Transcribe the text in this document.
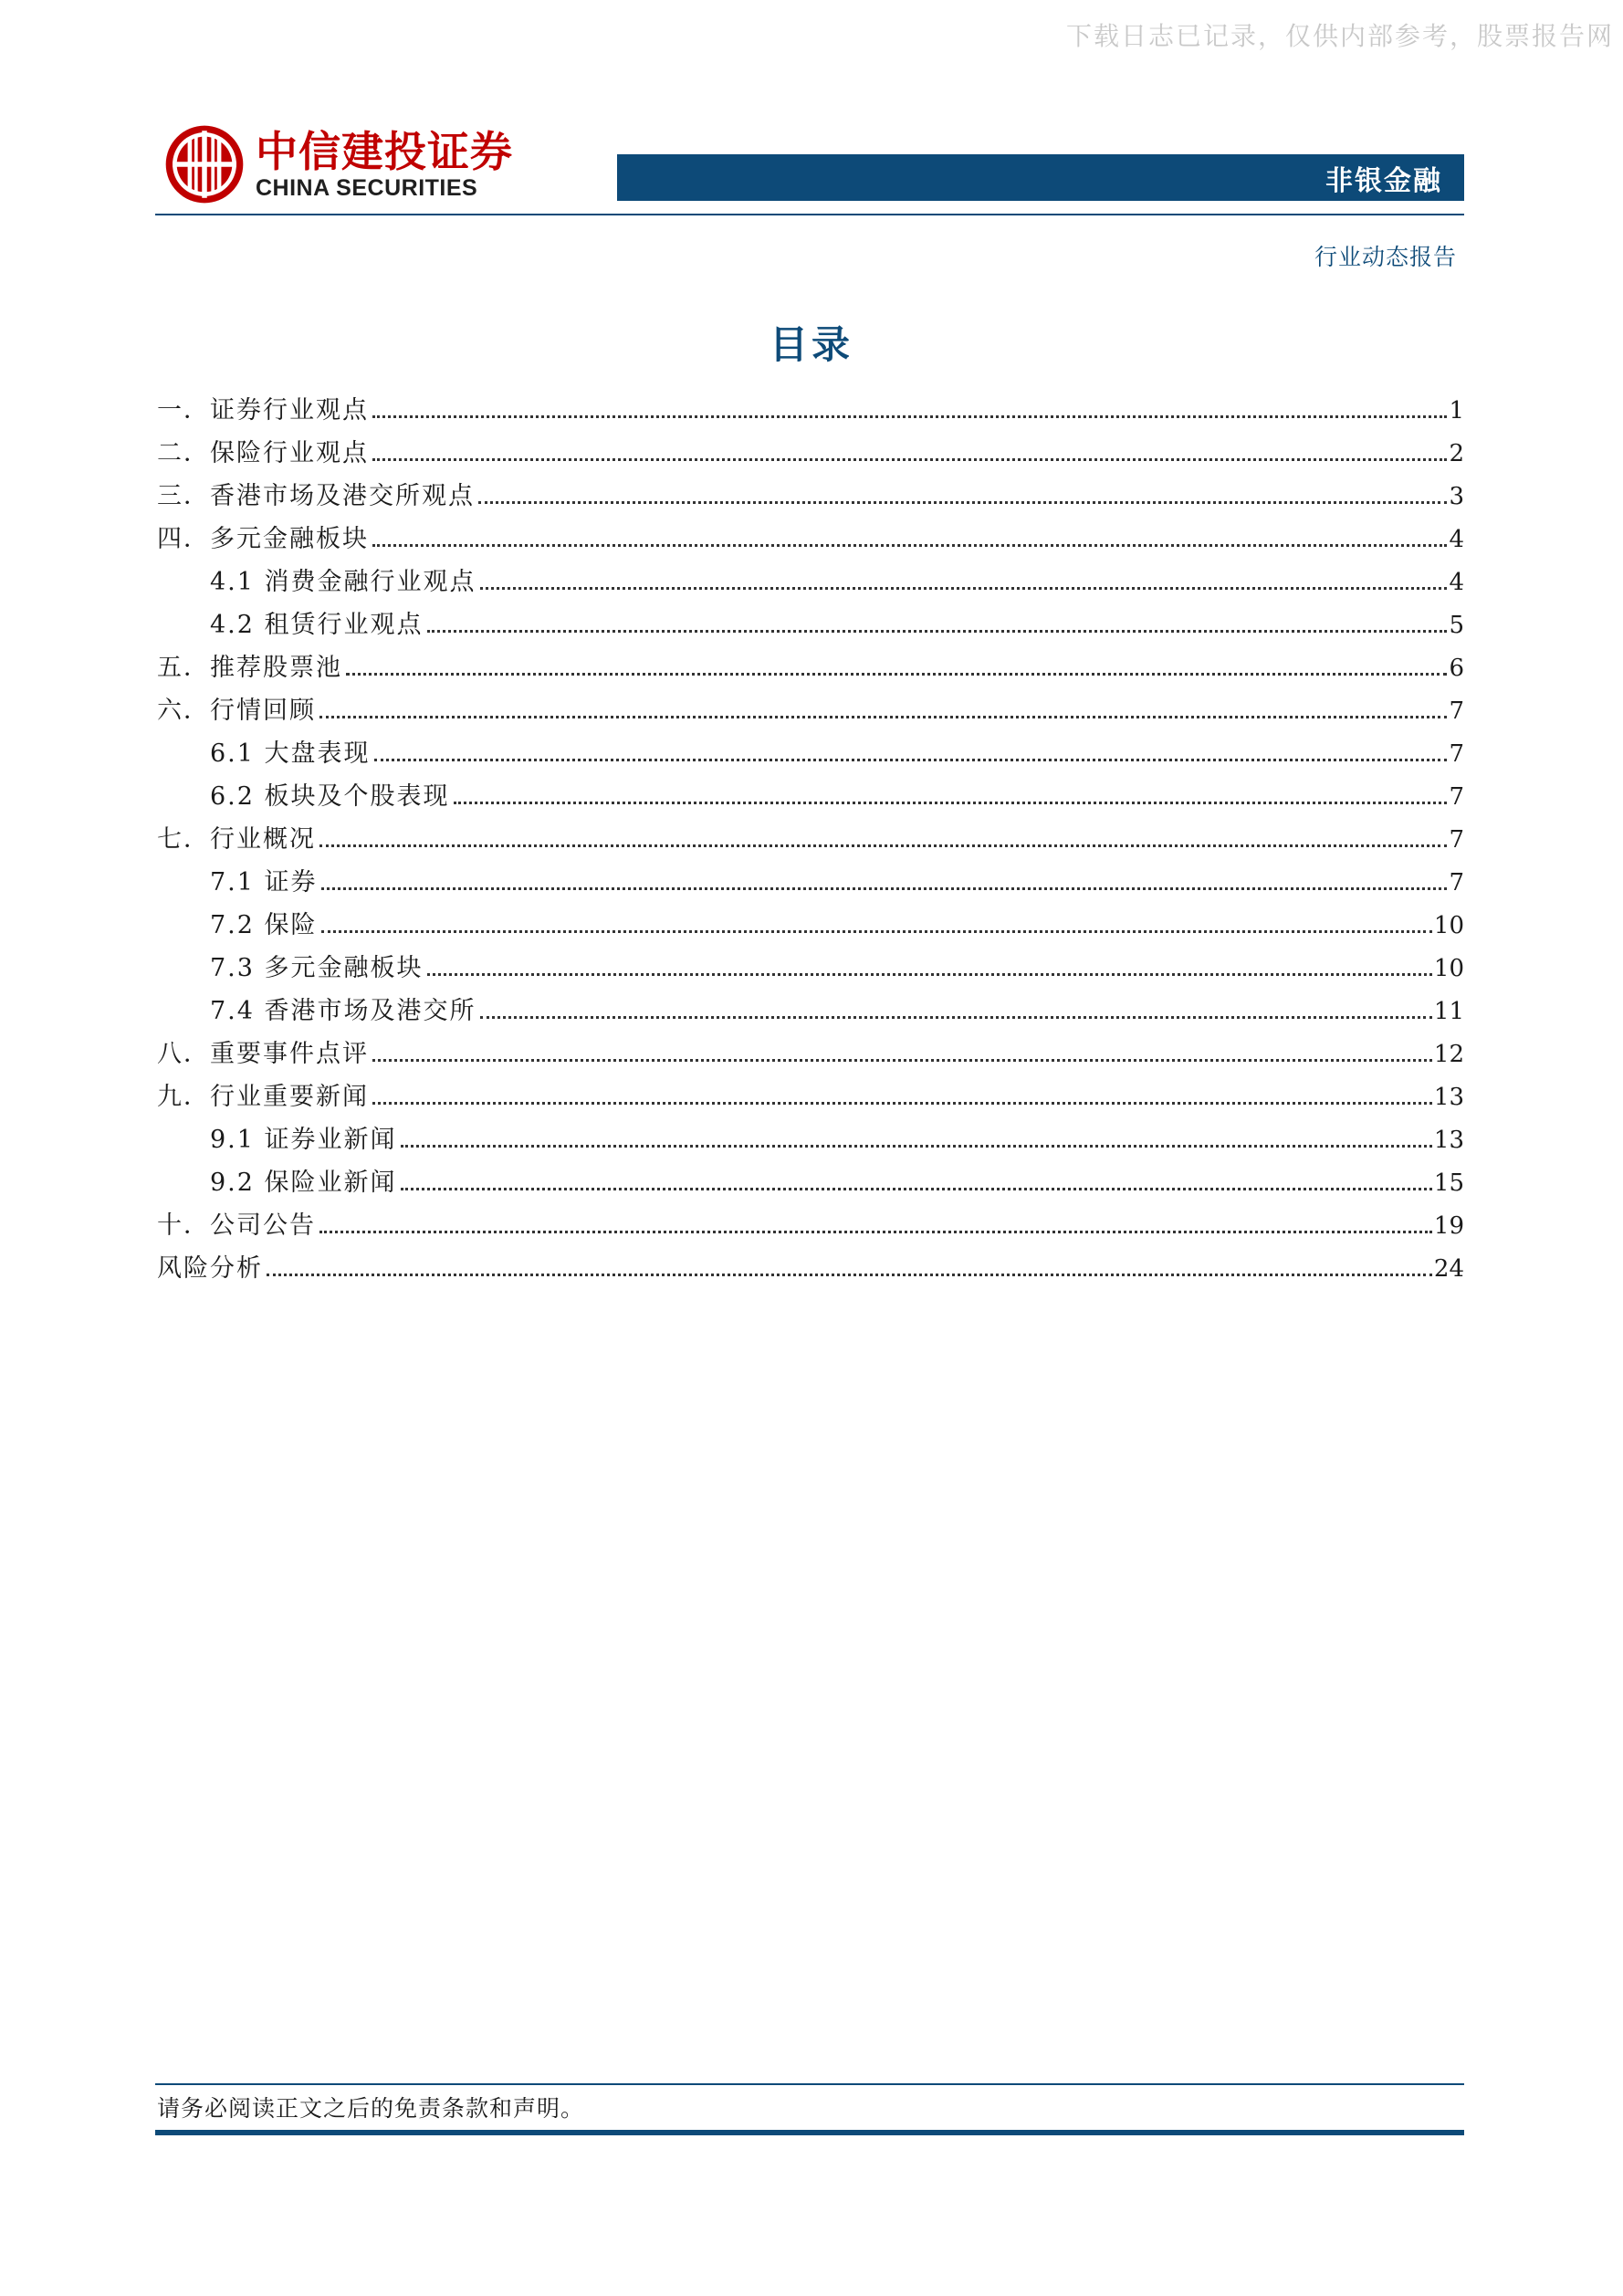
下载日志已记录，仅供内部参考，股票报告网
中信建投证券
CHINA SECURITIES	非银金融
行业动态报告
目录
一．证券行业观点	1
二．保险行业观点	2
三．香港市场及港交所观点	3
四．多元金融板块	4
4.1 消费金融行业观点	4
4.2 租赁行业观点	5
五．推荐股票池	6
六．行情回顾	7
6.1 大盘表现	7
6.2 板块及个股表现	7
七．行业概况	7
7.1 证券	7
7.2 保险	10
7.3 多元金融板块	10
7.4 香港市场及港交所	11
八．重要事件点评	12
九．行业重要新闻	13
9.1 证券业新闻	13
9.2 保险业新闻	15
十．公司公告	19
风险分析	24
请务必阅读正文之后的免责条款和声明。
